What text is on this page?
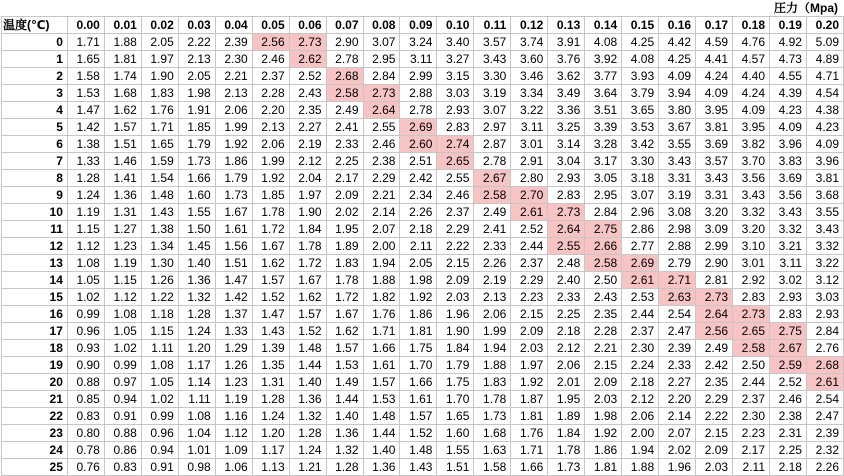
圧力（Mpa)
温度(℃)	0.00	0.01	0.02	0.03	0.04	0.05	0.06	0.07	0.08	0.09	0.10	0.11	0.12	0.13	0.14	0.15	0.16	0.17	0.18	0.19	0.20
0	1.71	1.88	2.05	2.22	2.39	2.56	2.73	2.90	3.07	3.24	3.40	3.57	3.74	3.91	4.08	4.25	4.42	4.59	4.76	4.92	5.09
1	1.65	1.81	1.97	2.13	2.30	2.46	2.62	2.78	2.95	3.11	3.27	3.43	3.60	3.76	3.92	4.08	4.25	4.41	4.57	4.73	4.89
2	1.58	1.74	1.90	2.05	2.21	2.37	2.52	2.68	2.84	2.99	3.15	3.30	3.46	3.62	3.77	3.93	4.09	4.24	4.40	4.55	4.71
3	1.53	1.68	1.83	1.98	2.13	2.28	2.43	2.58	2.73	2.88	3.03	3.19	3.34	3.49	3.64	3.79	3.94	4.09	4.24	4.39	4.54
4	1.47	1.62	1.76	1.91	2.06	2.20	2.35	2.49	2.64	2.78	2.93	3.07	3.22	3.36	3.51	3.65	3.80	3.95	4.09	4.23	4.38
5	1.42	1.57	1.71	1.85	1.99	2.13	2.27	2.41	2.55	2.69	2.83	2.97	3.11	3.25	3.39	3.53	3.67	3.81	3.95	4.09	4.23
6	1.38	1.51	1.65	1.79	1.92	2.06	2.19	2.33	2.46	2.60	2.74	2.87	3.01	3.14	3.28	3.42	3.55	3.69	3.82	3.96	4.09
7	1.33	1.46	1.59	1.73	1.86	1.99	2.12	2.25	2.38	2.51	2.65	2.78	2.91	3.04	3.17	3.30	3.43	3.57	3.70	3.83	3.96
8	1.28	1.41	1.54	1.66	1.79	1.92	2.04	2.17	2.29	2.42	2.55	2.67	2.80	2.93	3.05	3.18	3.31	3.43	3.56	3.69	3.81
9	1.24	1.36	1.48	1.60	1.73	1.85	1.97	2.09	2.21	2.34	2.46	2.58	2.70	2.83	2.95	3.07	3.19	3.31	3.43	3.56	3.68
10	1.19	1.31	1.43	1.55	1.67	1.78	1.90	2.02	2.14	2.26	2.37	2.49	2.61	2.73	2.84	2.96	3.08	3.20	3.32	3.43	3.55
11	1.15	1.27	1.38	1.50	1.61	1.72	1.84	1.95	2.07	2.18	2.29	2.41	2.52	2.64	2.75	2.86	2.98	3.09	3.20	3.32	3.43
12	1.12	1.23	1.34	1.45	1.56	1.67	1.78	1.89	2.00	2.11	2.22	2.33	2.44	2.55	2.66	2.77	2.88	2.99	3.10	3.21	3.32
13	1.08	1.19	1.30	1.40	1.51	1.62	1.72	1.83	1.94	2.05	2.15	2.26	2.37	2.48	2.58	2.69	2.79	2.90	3.01	3.11	3.22
14	1.05	1.15	1.26	1.36	1.47	1.57	1.67	1.78	1.88	1.98	2.09	2.19	2.29	2.40	2.50	2.61	2.71	2.81	2.92	3.02	3.12
15	1.02	1.12	1.22	1.32	1.42	1.52	1.62	1.72	1.82	1.92	2.03	2.13	2.23	2.33	2.43	2.53	2.63	2.73	2.83	2.93	3.03
16	0.99	1.08	1.18	1.28	1.37	1.47	1.57	1.67	1.76	1.86	1.96	2.06	2.15	2.25	2.35	2.44	2.54	2.64	2.73	2.83	2.93
17	0.96	1.05	1.15	1.24	1.33	1.43	1.52	1.62	1.71	1.81	1.90	1.99	2.09	2.18	2.28	2.37	2.47	2.56	2.65	2.75	2.84
18	0.93	1.02	1.11	1.20	1.29	1.39	1.48	1.57	1.66	1.75	1.84	1.94	2.03	2.12	2.21	2.30	2.39	2.49	2.58	2.67	2.76
19	0.90	0.99	1.08	1.17	1.26	1.35	1.44	1.53	1.61	1.70	1.79	1.88	1.97	2.06	2.15	2.24	2.33	2.42	2.50	2.59	2.68
20	0.88	0.97	1.05	1.14	1.23	1.31	1.40	1.49	1.57	1.66	1.75	1.83	1.92	2.01	2.09	2.18	2.27	2.35	2.44	2.52	2.61
21	0.85	0.94	1.02	1.11	1.19	1.28	1.36	1.44	1.53	1.61	1.70	1.78	1.87	1.95	2.03	2.12	2.20	2.29	2.37	2.46	2.54
22	0.83	0.91	0.99	1.08	1.16	1.24	1.32	1.40	1.48	1.57	1.65	1.73	1.81	1.89	1.98	2.06	2.14	2.22	2.30	2.38	2.47
23	0.80	0.88	0.96	1.04	1.12	1.20	1.28	1.36	1.44	1.52	1.60	1.68	1.76	1.84	1.92	2.00	2.07	2.15	2.23	2.31	2.39
24	0.78	0.86	0.94	1.01	1.09	1.17	1.24	1.32	1.40	1.48	1.55	1.63	1.71	1.78	1.86	1.94	2.02	2.09	2.17	2.25	2.32
25	0.76	0.83	0.91	0.98	1.06	1.13	1.21	1.28	1.36	1.43	1.51	1.58	1.66	1.73	1.81	1.88	1.96	2.03	2.11	2.18	2.26
